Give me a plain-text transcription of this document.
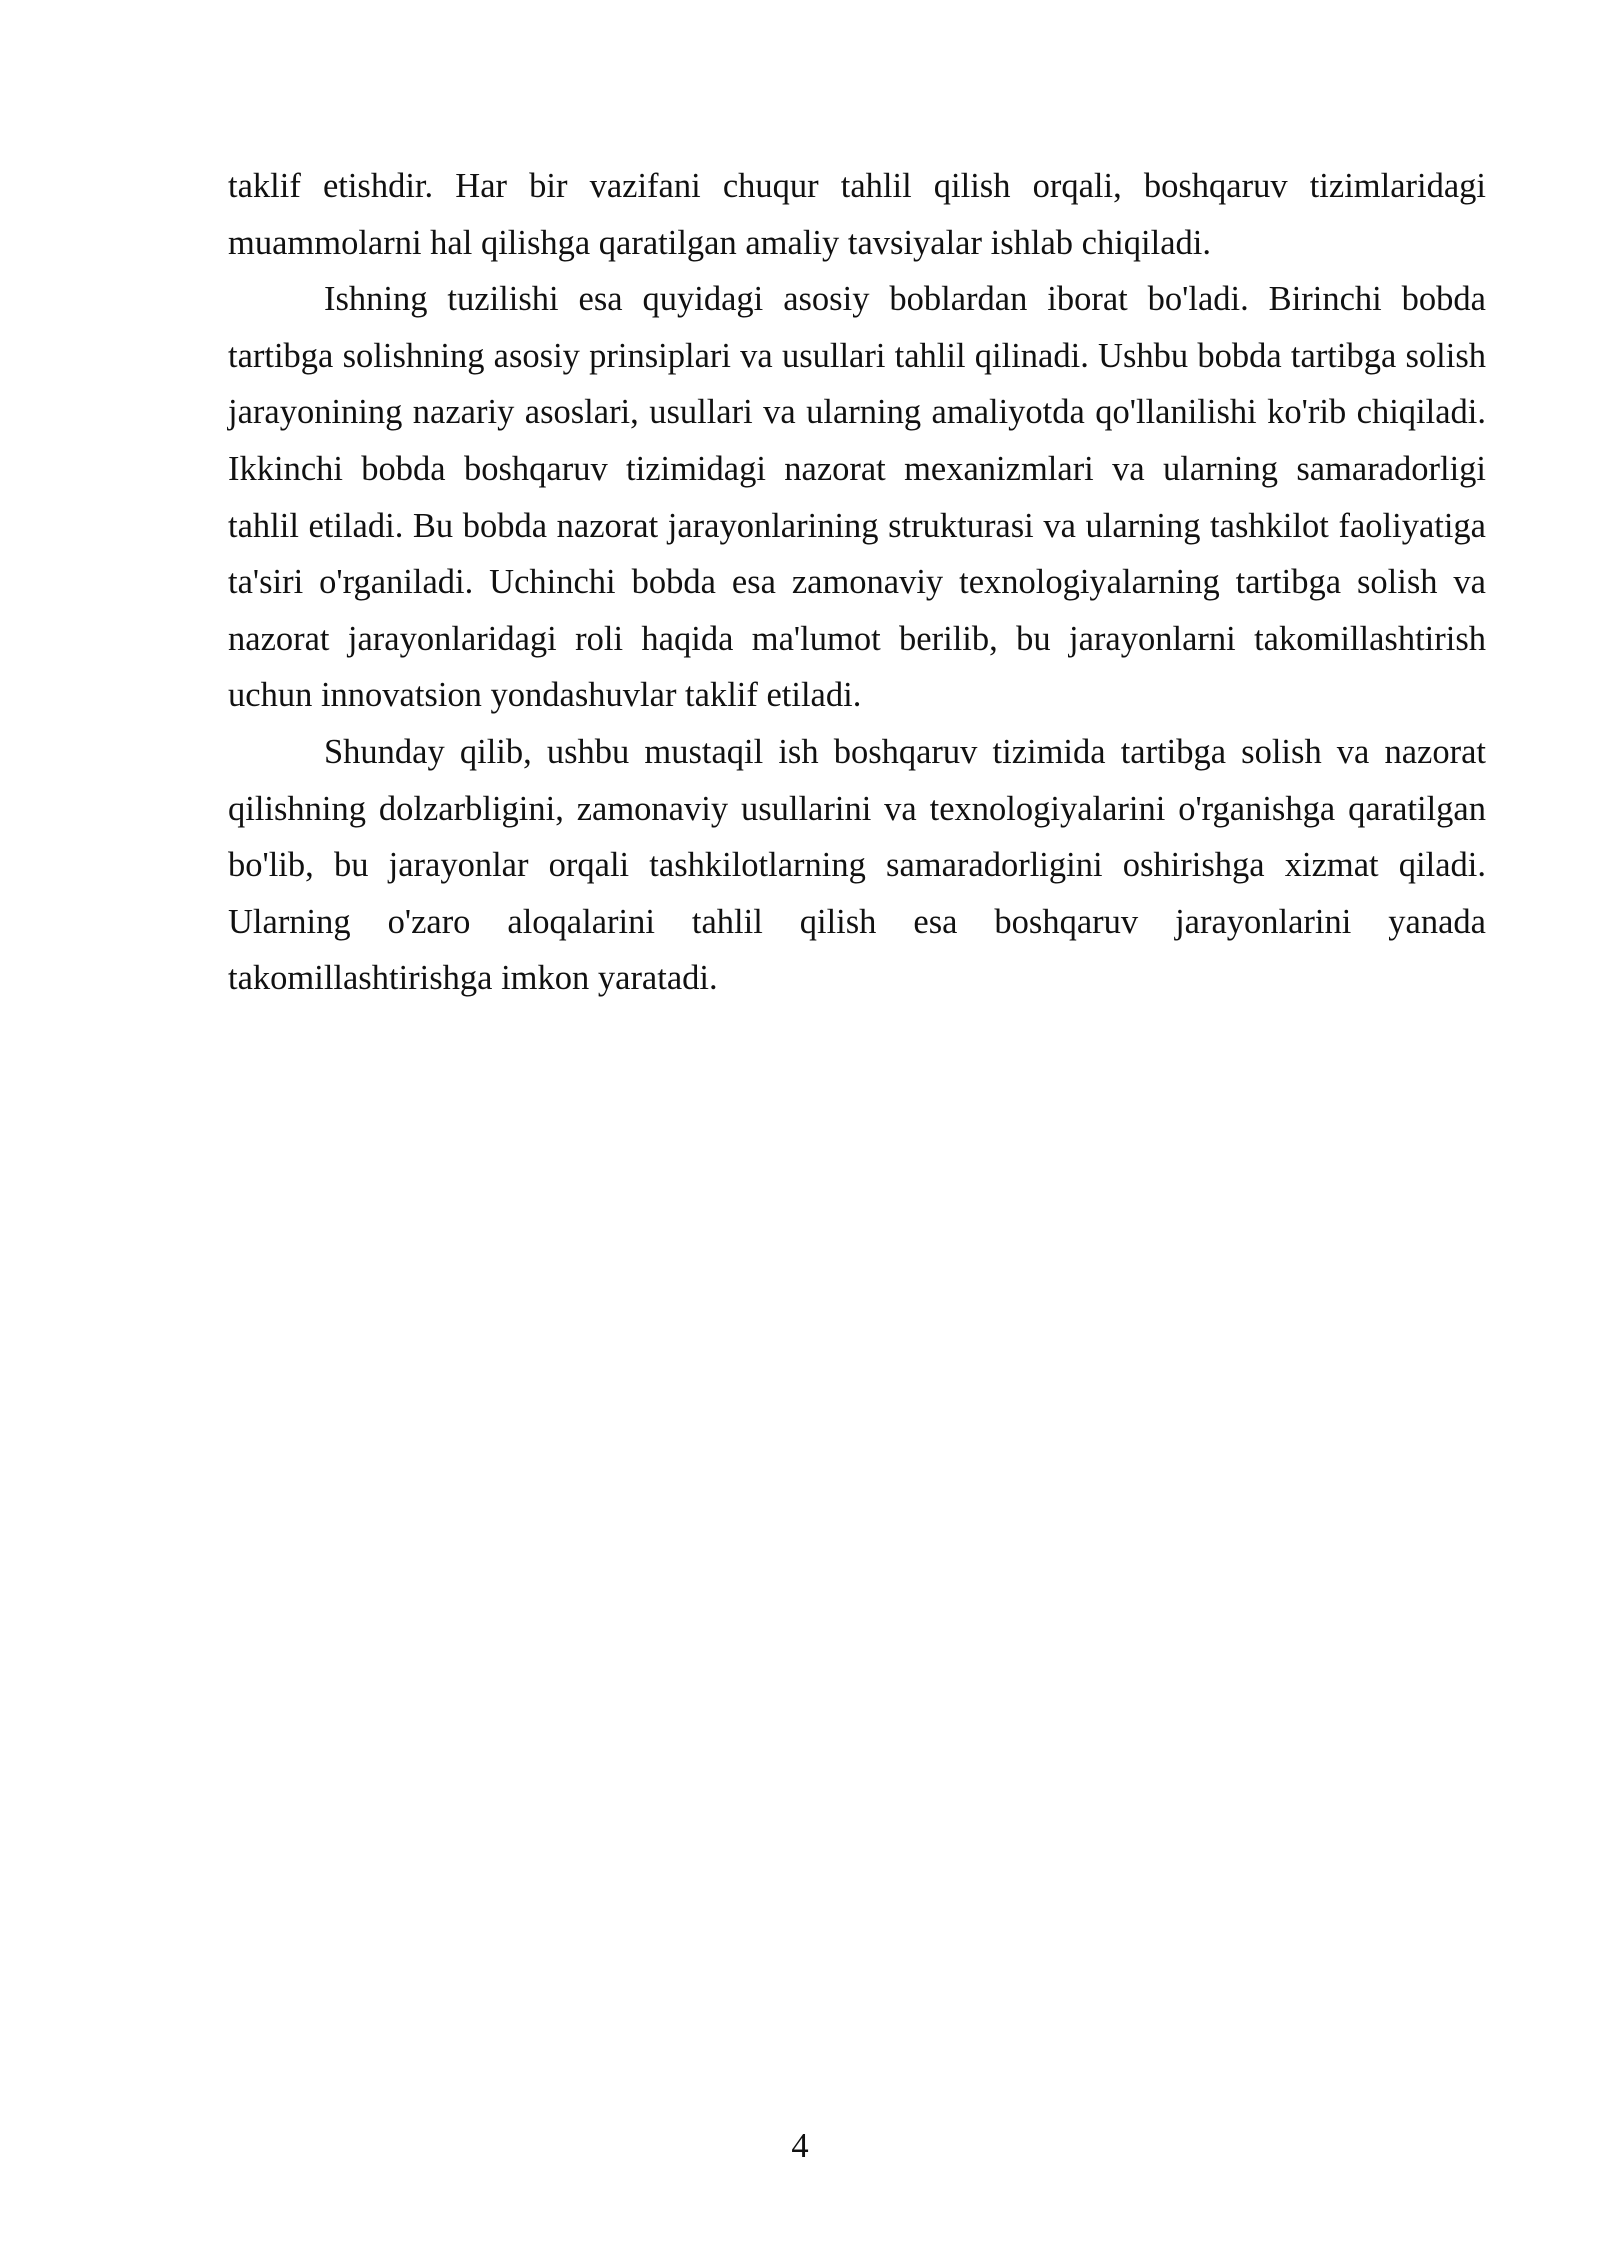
taklif etishdir. Har bir vazifani chuqur tahlil qilish orqali, boshqaruv tizimlaridagi muammolarni hal qilishga qaratilgan amaliy tavsiyalar ishlab chiqiladi.

Ishning tuzilishi esa quyidagi asosiy boblardan iborat bo'ladi. Birinchi bobda tartibga solishning asosiy prinsiplari va usullari tahlil qilinadi. Ushbu bobda tartibga solish jarayonining nazariy asoslari, usullari va ularning amaliyotda qo'llanilishi ko'rib chiqiladi. Ikkinchi bobda boshqaruv tizimidagi nazorat mexanizmlari va ularning samaradorligi tahlil etiladi. Bu bobda nazorat jarayonlarining strukturasi va ularning tashkilot faoliyatiga ta'siri o'rganiladi. Uchinchi bobda esa zamonaviy texnologiyalarning tartibga solish va nazorat jarayonlaridagi roli haqida ma'lumot berilib, bu jarayonlarni takomillashtirish uchun innovatsion yondashuvlar taklif etiladi.

Shunday qilib, ushbu mustaqil ish boshqaruv tizimida tartibga solish va nazorat qilishning dolzarbligini, zamonaviy usullarini va texnologiyalarini o'rganishga qaratilgan bo'lib, bu jarayonlar orqali tashkilotlarning samaradorligini oshirishga xizmat qiladi. Ularning o'zaro aloqalarini tahlil qilish esa boshqaruv jarayonlarini yanada takomillashtirishga imkon yaratadi.

4
